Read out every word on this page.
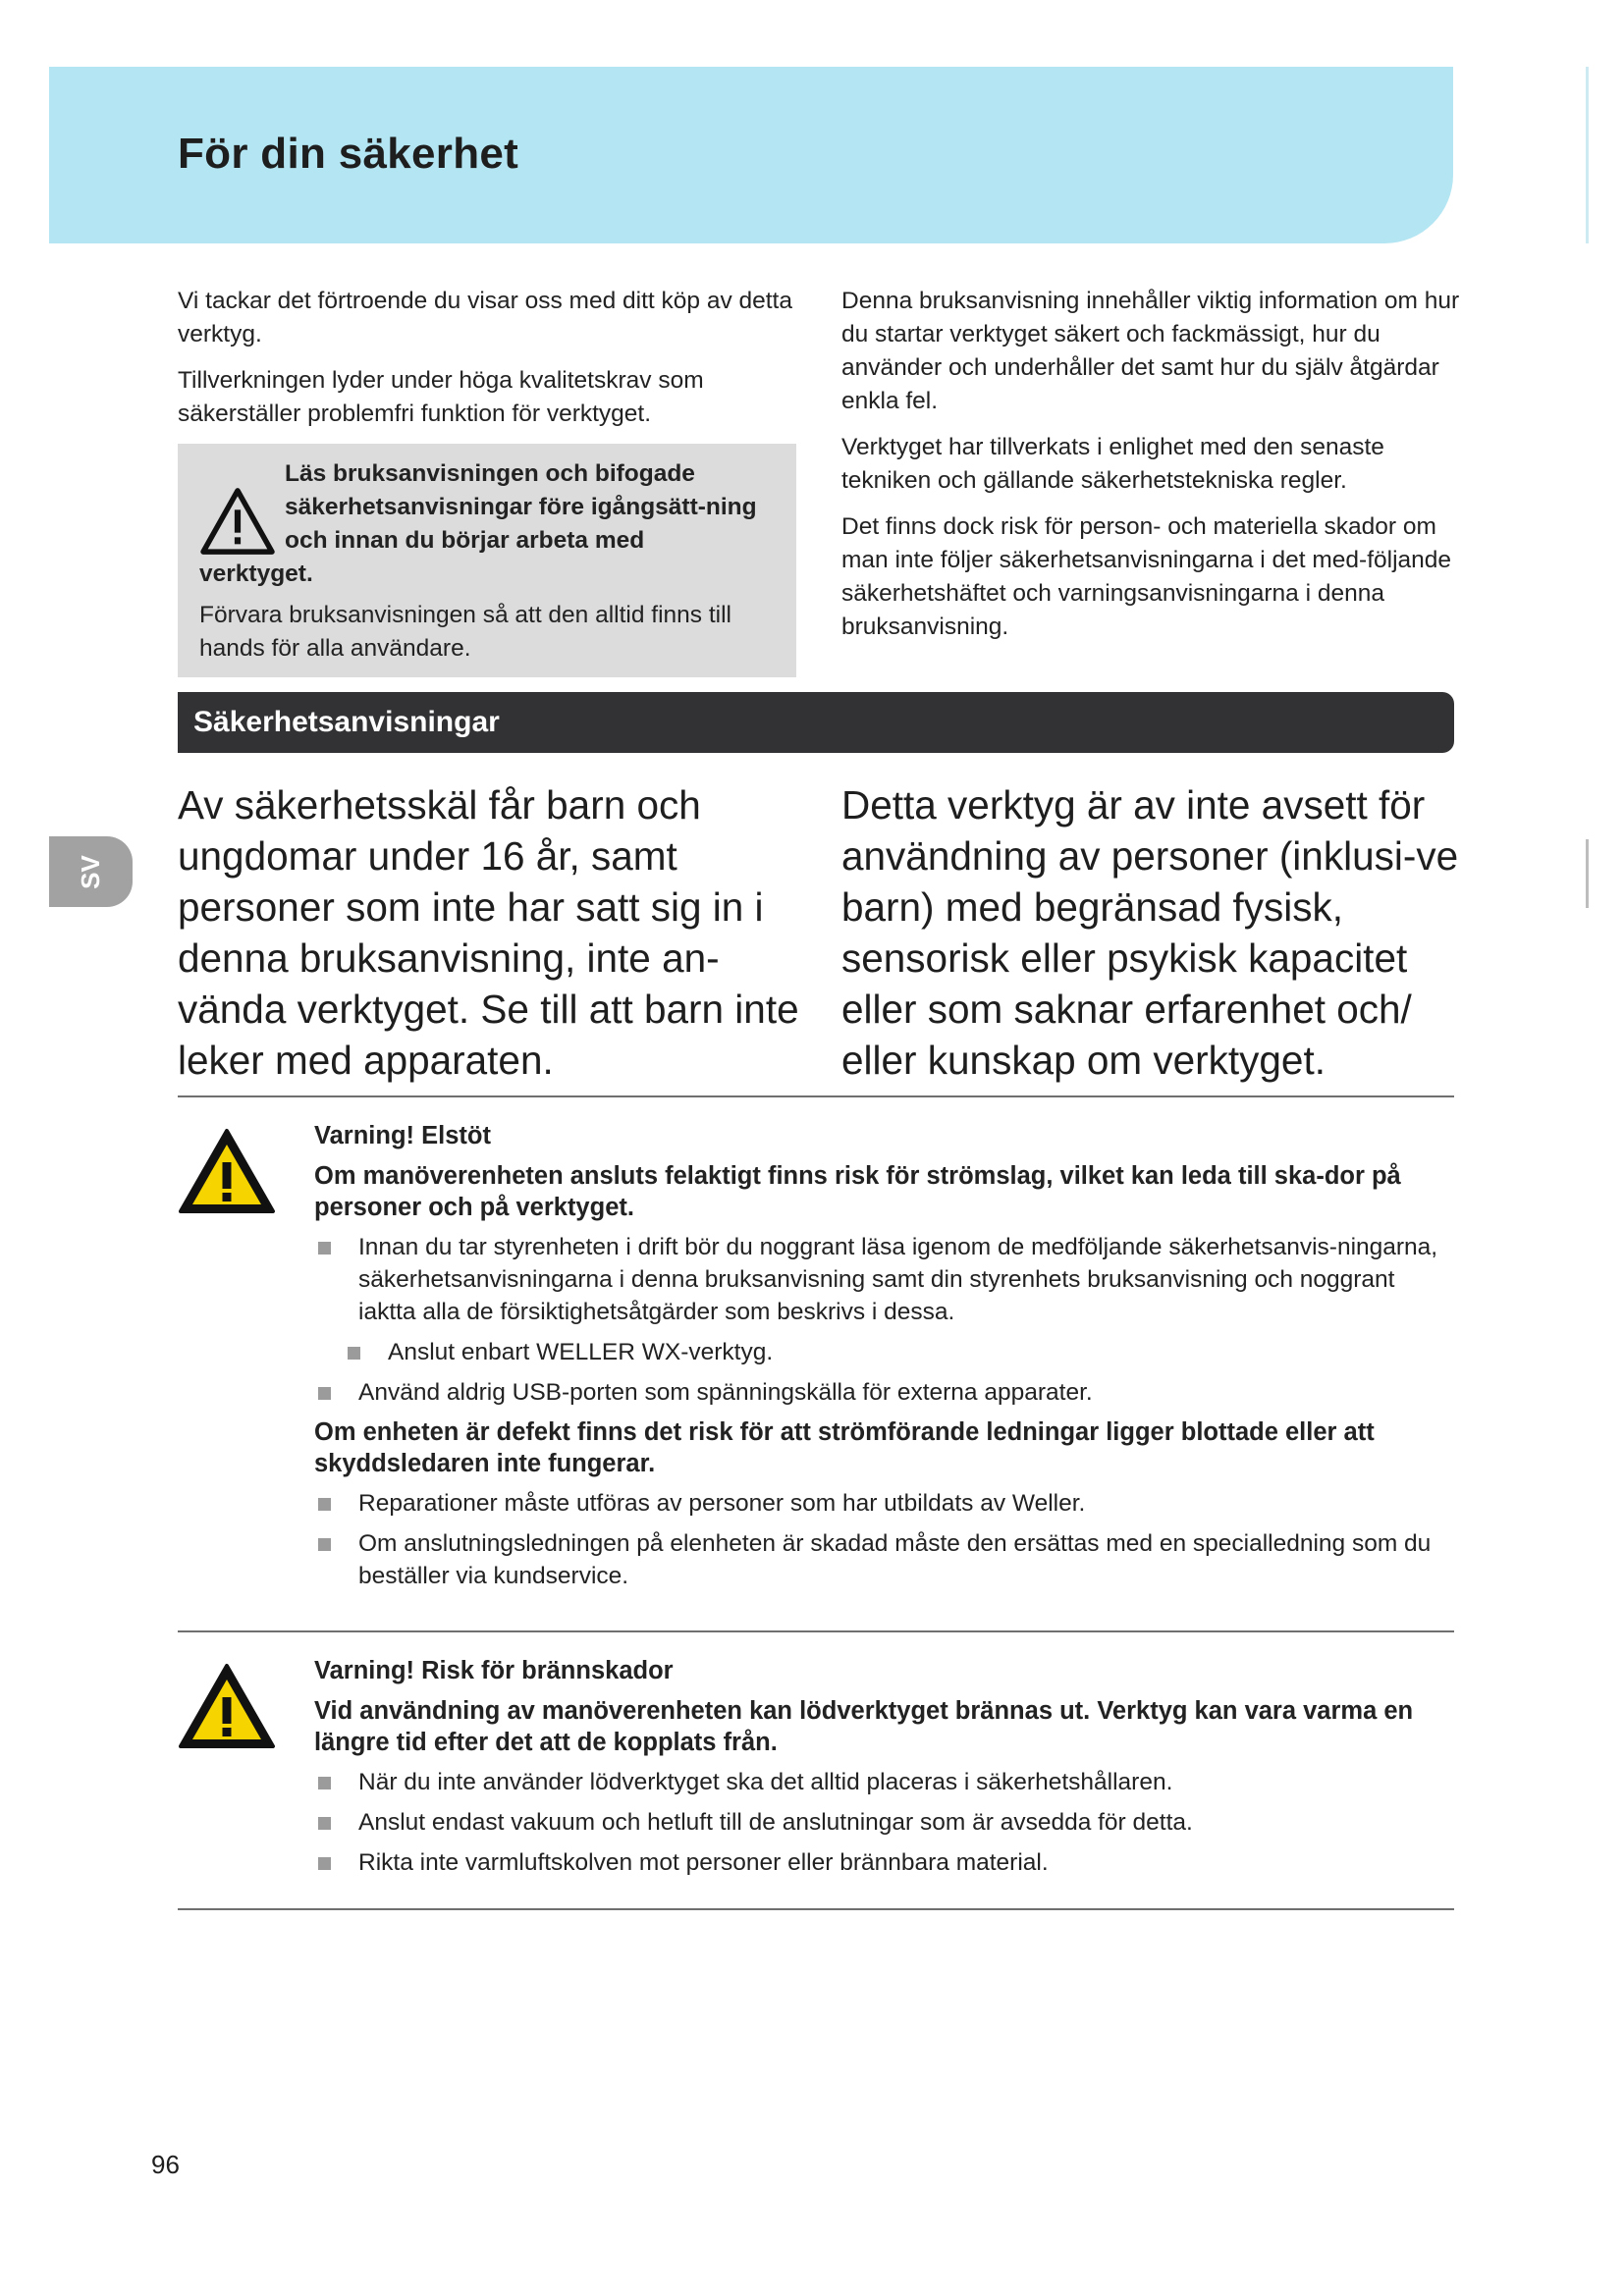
För din säkerhet
SV

Vi tackar det förtroende du visar oss med ditt köp av detta verktyg.

Tillverkningen lyder under höga kvalitetskrav som säkerställer problemfri funktion för verktyget.

Läs bruksanvisningen och bifogade säkerhetsanvisningar före igångsätt-ning och innan du börjar arbeta med
verktyget.

Förvara bruksanvisningen så att den alltid finns till hands för alla användare.

Denna bruksanvisning innehåller viktig information om hur du startar verktyget säkert och fackmässigt, hur du använder och underhåller det samt hur du själv åtgärdar enkla fel.

Verktyget har tillverkats i enlighet med den senaste tekniken och gällande säkerhetstekniska regler.

Det finns dock risk för person- och materiella skador om man inte följer säkerhetsanvisningarna i det med-följande säkerhetshäftet och varningsanvisningarna i denna bruksanvisning.

Säkerhetsanvisningar

Av säkerhetsskäl får barn och ungdomar under 16 år, samt personer som inte har satt sig in i denna bruksanvisning, inte an-vända verktyget. Se till att barn inte leker med apparaten.

Detta verktyg är av inte avsett för användning av personer (inklusi-ve barn) med begränsad fysisk, sensorisk eller psykisk kapacitet eller som saknar erfarenhet och/ eller kunskap om verktyget.

Varning! Elstöt

Om manöverenheten ansluts felaktigt finns risk för strömslag, vilket kan leda till ska-dor på personer och på verktyget.

Innan du tar styrenheten i drift bör du noggrant läsa igenom de medföljande säkerhetsanvis-ningarna, säkerhetsanvisningarna i denna bruksanvisning samt din styrenhets bruksanvisning och noggrant iaktta alla de försiktighetsåtgärder som beskrivs i dessa.
Anslut enbart WELLER WX-verktyg.
Använd aldrig USB-porten som spänningskälla för externa apparater.

Om enheten är defekt finns det risk för att strömförande ledningar ligger blottade eller att skyddsledaren inte fungerar.

Reparationer måste utföras av personer som har utbildats av Weller.
Om anslutningsledningen på elenheten är skadad måste den ersättas med en specialledning som du beställer via kundservice.

Varning! Risk för brännskador

Vid användning av manöverenheten kan lödverktyget brännas ut. Verktyg kan vara varma en längre tid efter det att de kopplats från.

När du inte använder lödverktyget ska det alltid placeras i säkerhetshållaren.
Anslut endast vakuum och hetluft till de anslutningar som är avsedda för detta.
Rikta inte varmluftskolven mot personer eller brännbara material.
96
